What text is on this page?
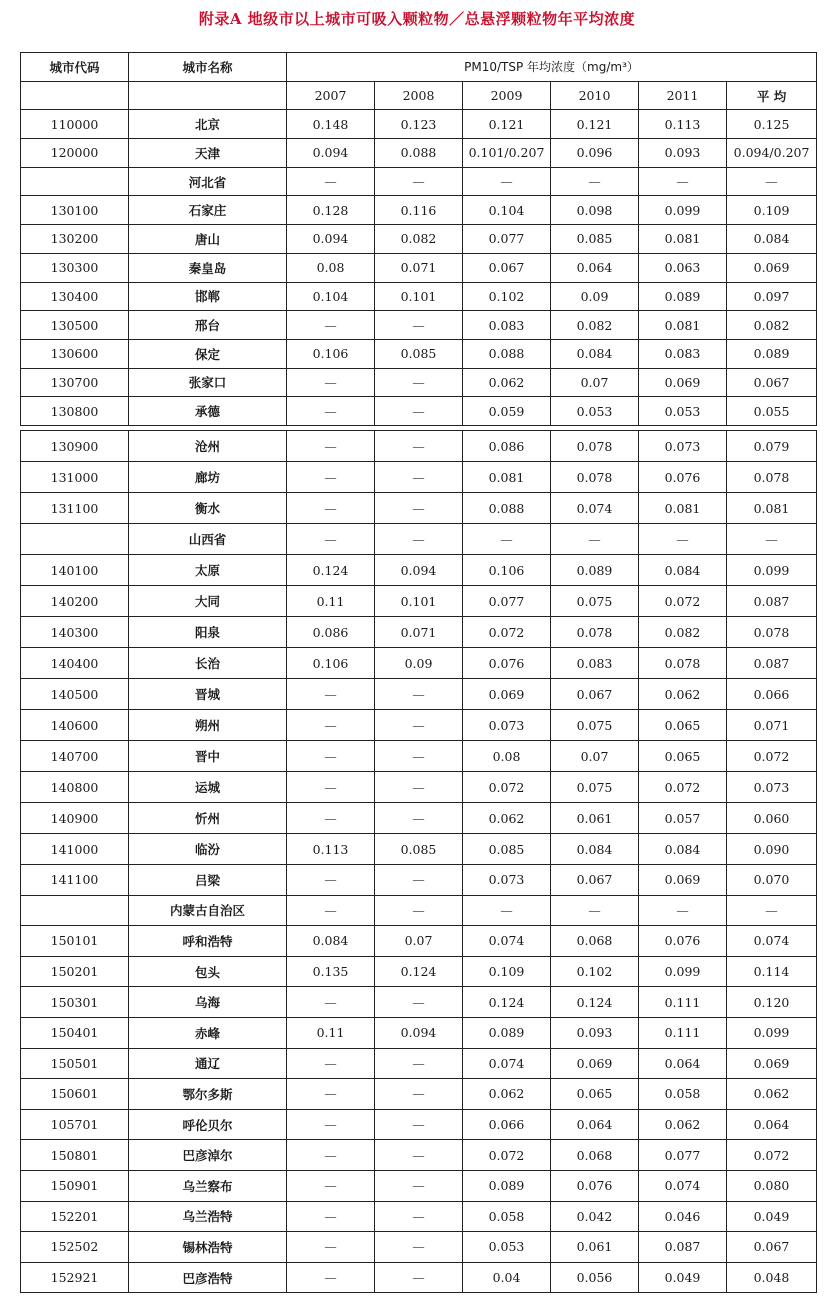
附录A 地级市以上城市可吸入颗粒物／总悬浮颗粒物年平均浓度
城市代码	城市名称	PM10/TSP 年均浓度（mg/m³）					
		2007	2008	2009	2010	2011	平 均
110000	北京	0.148	0.123	0.121	0.121	0.113	0.125
120000	天津	0.094	0.088	0.101/0.207	0.096	0.093	0.094/0.207
	河北省	—	—	—	—	—	—
130100	石家庄	0.128	0.116	0.104	0.098	0.099	0.109
130200	唐山	0.094	0.082	0.077	0.085	0.081	0.084
130300	秦皇岛	0.08	0.071	0.067	0.064	0.063	0.069
130400	邯郸	0.104	0.101	0.102	0.09	0.089	0.097
130500	邢台	—	—	0.083	0.082	0.081	0.082
130600	保定	0.106	0.085	0.088	0.084	0.083	0.089
130700	张家口	—	—	0.062	0.07	0.069	0.067
130800	承德	—	—	0.059	0.053	0.053	0.055
130900	沧州	—	—	0.086	0.078	0.073	0.079
131000	廊坊	—	—	0.081	0.078	0.076	0.078
131100	衡水	—	—	0.088	0.074	0.081	0.081
	山西省	—	—	—	—	—	—
140100	太原	0.124	0.094	0.106	0.089	0.084	0.099
140200	大同	0.11	0.101	0.077	0.075	0.072	0.087
140300	阳泉	0.086	0.071	0.072	0.078	0.082	0.078
140400	长治	0.106	0.09	0.076	0.083	0.078	0.087
140500	晋城	—	—	0.069	0.067	0.062	0.066
140600	朔州	—	—	0.073	0.075	0.065	0.071
140700	晋中	—	—	0.08	0.07	0.065	0.072
140800	运城	—	—	0.072	0.075	0.072	0.073
140900	忻州	—	—	0.062	0.061	0.057	0.060
141000	临汾	0.113	0.085	0.085	0.084	0.084	0.090
141100	吕梁	—	—	0.073	0.067	0.069	0.070
	内蒙古自治区	—	—	—	—	—	—
150101	呼和浩特	0.084	0.07	0.074	0.068	0.076	0.074
150201	包头	0.135	0.124	0.109	0.102	0.099	0.114
150301	乌海	—	—	0.124	0.124	0.111	0.120
150401	赤峰	0.11	0.094	0.089	0.093	0.111	0.099
150501	通辽	—	—	0.074	0.069	0.064	0.069
150601	鄂尔多斯	—	—	0.062	0.065	0.058	0.062
105701	呼伦贝尔	—	—	0.066	0.064	0.062	0.064
150801	巴彦淖尔	—	—	0.072	0.068	0.077	0.072
150901	乌兰察布	—	—	0.089	0.076	0.074	0.080
152201	乌兰浩特	—	—	0.058	0.042	0.046	0.049
152502	锡林浩特	—	—	0.053	0.061	0.087	0.067
152921	巴彦浩特	—	—	0.04	0.056	0.049	0.048
